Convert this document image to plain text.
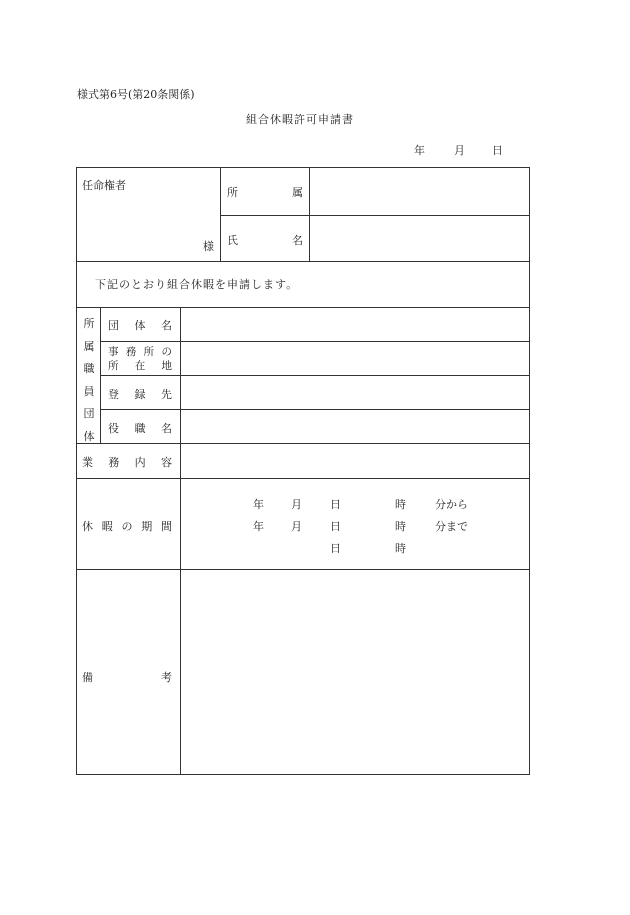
様式第6号(第20条関係)
組合休暇許可申請書
年	月 日
任命権者
様
所	属
氏	名
下記のとおり組合休暇を申請します。
所
属
職
員
団
体
団 体 名
事 務 所 の
所 在 地
登 録 先
役 職 名
業 務 内 容
休 暇 の 期 間
年 月	日	時	分から
年 月	日	時	分まで
日	時
備	考
